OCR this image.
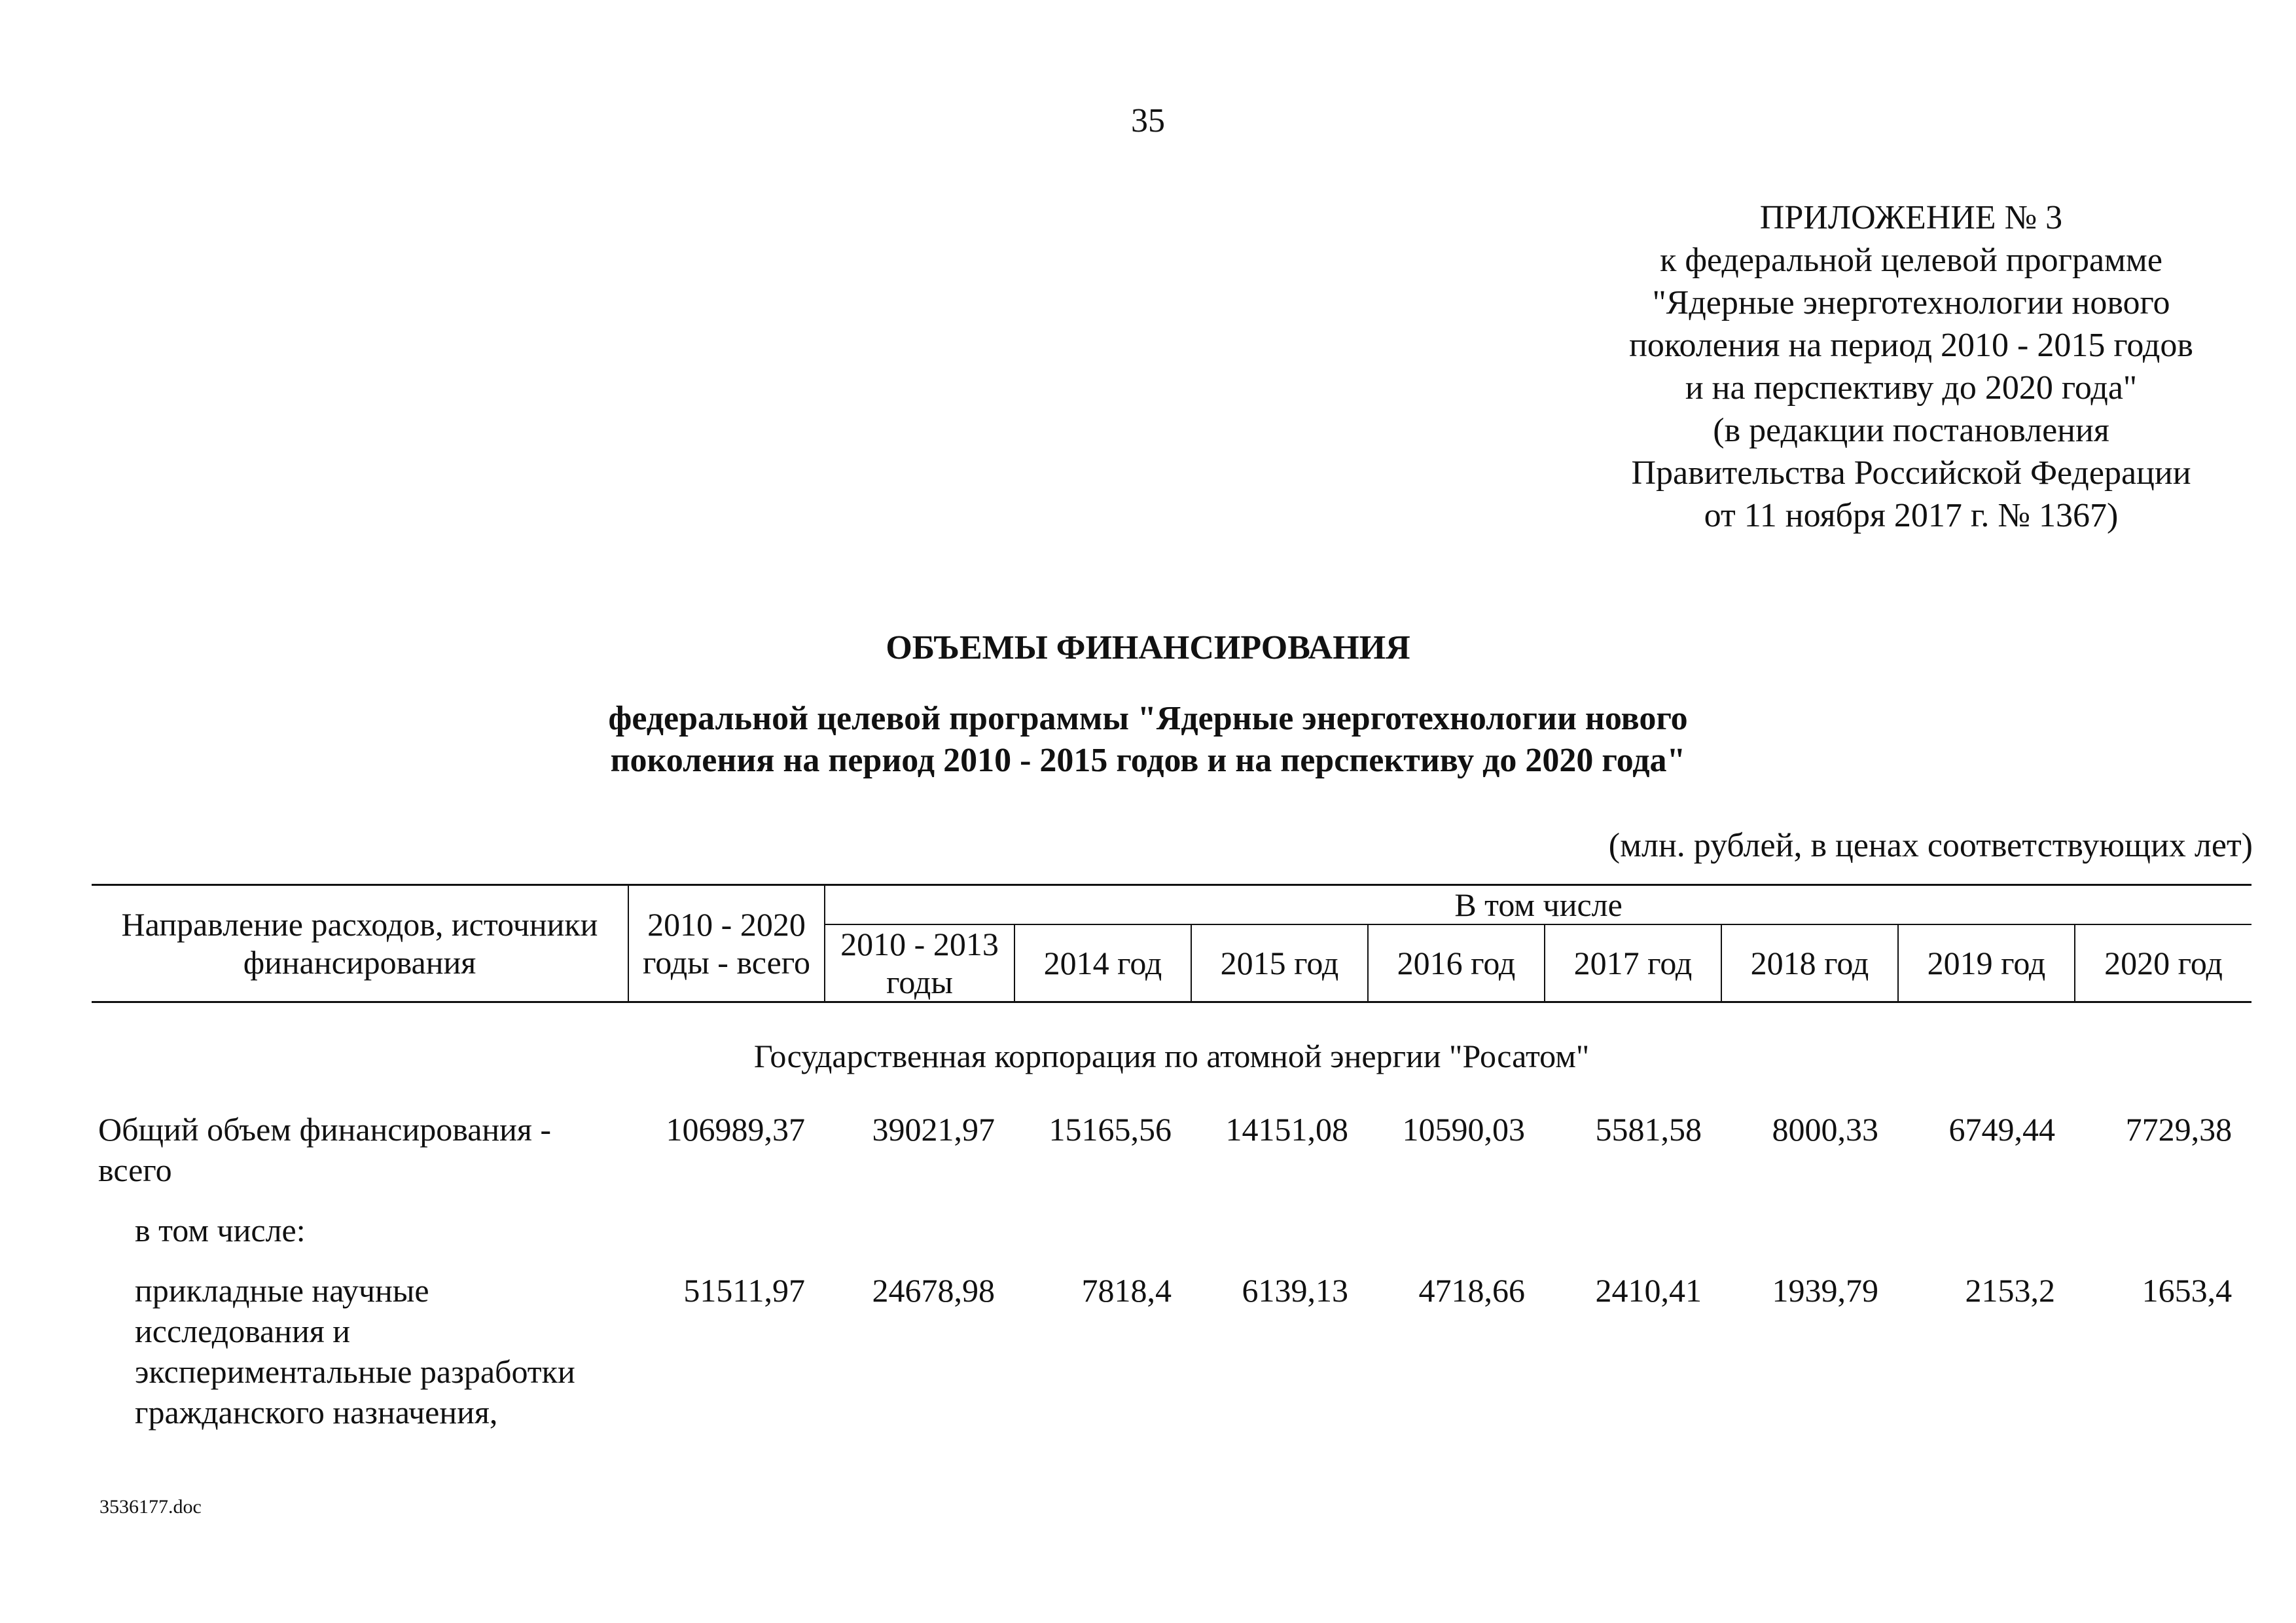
35
ПРИЛОЖЕНИЕ № 3
к федеральной целевой программе
"Ядерные энерготехнологии нового
поколения на период 2010 - 2015 годов
и на перспективу до 2020 года"
(в редакции постановления
Правительства Российской Федерации
от 11 ноября 2017 г. № 1367)
ОБЪЕМЫ ФИНАНСИРОВАНИЯ
федеральной целевой программы "Ядерные энерготехнологии нового
поколения на период 2010 - 2015 годов и на перспективу до 2020 года"
(млн. рублей, в ценах соответствующих лет)
Направление расходов, источники финансирования	2010 - 2020 годы - всего	В том числе							
		2010 - 2013 годы	2014 год	2015 год	2016 год	2017 год	2018 год	2019 год	2020 год
Государственная корпорация по атомной энергии "Росатом"									
Общий объем финансирования - всего	106989,37	39021,97	15165,56	14151,08	10590,03	5581,58	8000,33	6749,44	7729,38
в том числе:									
прикладные научные исследования и экспериментальные разработки гражданского назначения,	51511,97	24678,98	7818,4	6139,13	4718,66	2410,41	1939,79	2153,2	1653,4
3536177.doc
